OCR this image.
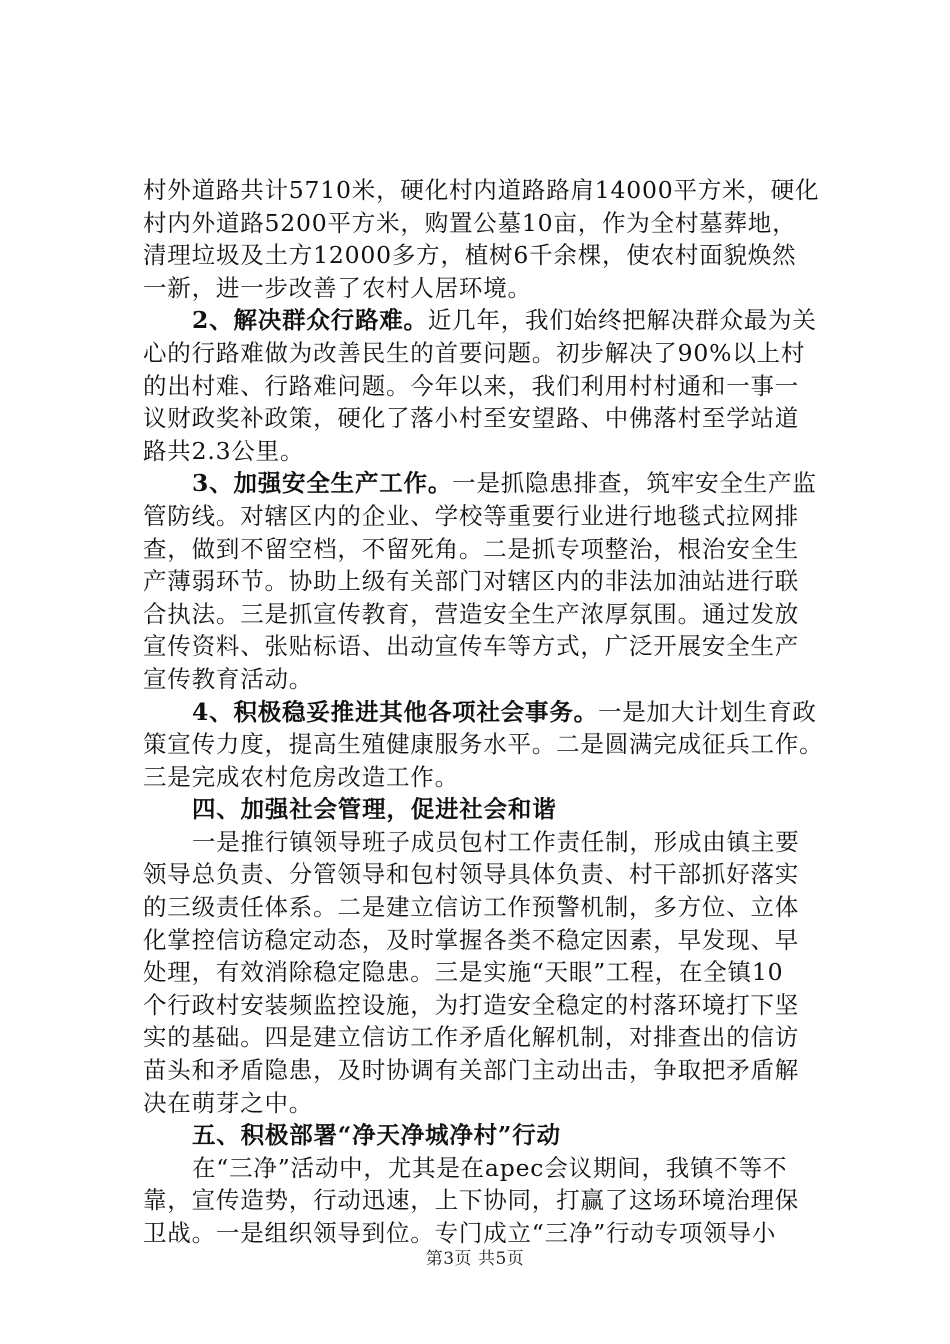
村外道路共计5710米，硬化村内道路路肩14000平方米，硬化
村内外道路5200平方米，购置公墓10亩，作为全村墓葬地，
清理垃圾及土方12000多方，植树6千余棵，使农村面貌焕然
一新，进一步改善了农村人居环境。
2、解决群众行路难。近几年，我们始终把解决群众最为关
心的行路难做为改善民生的首要问题。初步解决了90%以上村
的出村难、行路难问题。今年以来，我们利用村村通和一事一
议财政奖补政策，硬化了落小村至安望路、中佛落村至学站道
路共2.3公里。
3、加强安全生产工作。一是抓隐患排查，筑牢安全生产监
管防线。对辖区内的企业、学校等重要行业进行地毯式拉网排
查，做到不留空档，不留死角。二是抓专项整治，根治安全生
产薄弱环节。协助上级有关部门对辖区内的非法加油站进行联
合执法。三是抓宣传教育，营造安全生产浓厚氛围。通过发放
宣传资料、张贴标语、出动宣传车等方式，广泛开展安全生产
宣传教育活动。
4、积极稳妥推进其他各项社会事务。一是加大计划生育政
策宣传力度，提高生殖健康服务水平。二是圆满完成征兵工作。
三是完成农村危房改造工作。
四、加强社会管理，促进社会和谐
一是推行镇领导班子成员包村工作责任制，形成由镇主要
领导总负责、分管领导和包村领导具体负责、村干部抓好落实
的三级责任体系。二是建立信访工作预警机制，多方位、立体
化掌控信访稳定动态，及时掌握各类不稳定因素，早发现、早
处理，有效消除稳定隐患。三是实施“天眼”工程，在全镇10
个行政村安装频监控设施，为打造安全稳定的村落环境打下坚
实的基础。四是建立信访工作矛盾化解机制，对排查出的信访
苗头和矛盾隐患，及时协调有关部门主动出击，争取把矛盾解
决在萌芽之中。
五、积极部署“净天净城净村”行动
在“三净”活动中，尤其是在apec会议期间，我镇不等不
靠，宣传造势，行动迅速，上下协同，打赢了这场环境治理保
卫战。一是组织领导到位。专门成立“三净”行动专项领导小
第3页 共5页
